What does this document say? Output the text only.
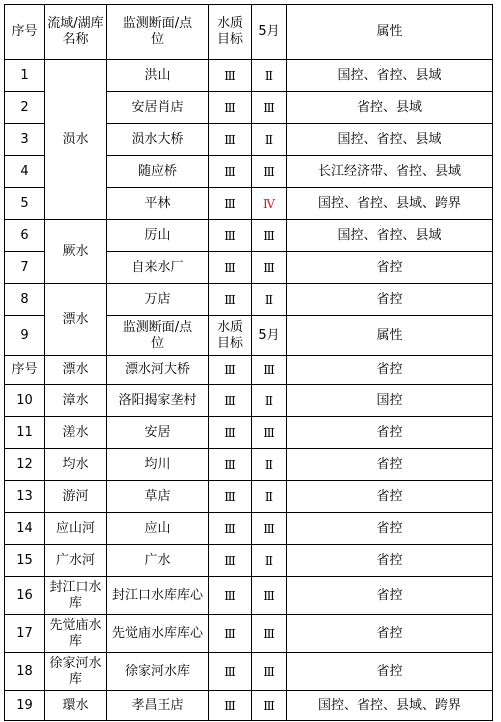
序号	流域/湖库名称	监测断面/点位	水质目标	5月	属性
1	涢水	洪山	Ⅲ	Ⅱ	国控、省控、县域
2		安居肖店	Ⅲ	Ⅲ	省控、县域
3		涢水大桥	Ⅲ	Ⅱ	国控、省控、县域
4		随应桥	Ⅲ	Ⅲ	长江经济带、省控、县域
5		平林	Ⅲ	Ⅳ	国控、省控、县域、跨界
6	厥水	厉山	Ⅲ	Ⅲ	国控、省控、县域
7		自来水厂	Ⅲ	Ⅲ	省控
8	漂水	万店	Ⅲ	Ⅱ	省控
9		监测断面/点位	水质目标	5月	属性
序号	漂水	漂水河大桥	Ⅲ	Ⅲ	省控
10	漳水	洛阳揭家垄村	Ⅲ	Ⅱ	国控
11	溠水	安居	Ⅲ	Ⅲ	省控
12	均水	均川	Ⅲ	Ⅱ	省控
13	游河	草店	Ⅲ	Ⅱ	省控
14	应山河	应山	Ⅲ	Ⅲ	省控
15	广水河	广水	Ⅲ	Ⅱ	省控
16	封江口水库	封江口水库库心	Ⅲ	Ⅲ	省控
17	先觉庙水库	先觉庙水库库心	Ⅲ	Ⅲ	省控
18	徐家河水库	徐家河水库	Ⅲ	Ⅲ	省控
19	環水	孝昌王店	Ⅲ	Ⅲ	国控、省控、县域、跨界
